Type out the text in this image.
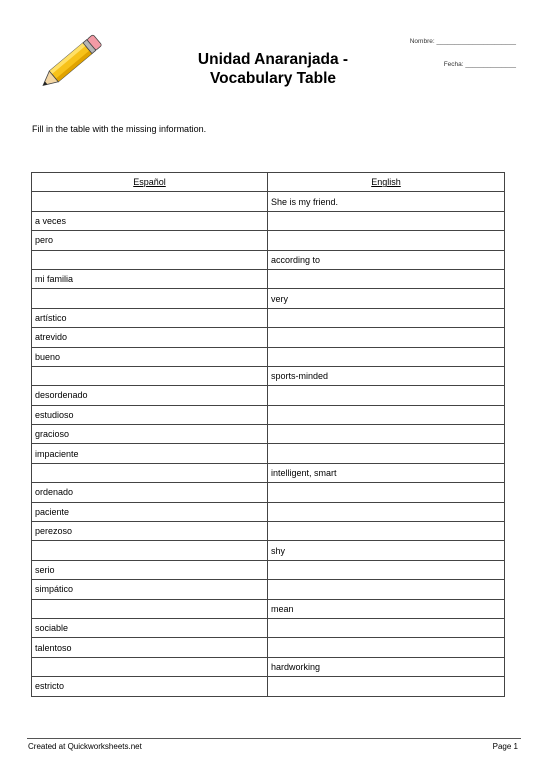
Unidad Anaranjada -
Vocabulary Table
Nombre: ______________________
Fecha: ______________
Fill in the table with the missing information.
Español	English
	She is my friend.
a veces	
pero	
	according to
mi familia	
	very
artístico	
atrevido	
bueno	
	sports-minded
desordenado	
estudioso	
gracioso	
impaciente	
	intelligent, smart
ordenado	
paciente	
perezoso	
	shy
serio	
simpático	
	mean
sociable	
talentoso	
	hardworking
estricto	
Created at Quickworksheets.net	Page 1
